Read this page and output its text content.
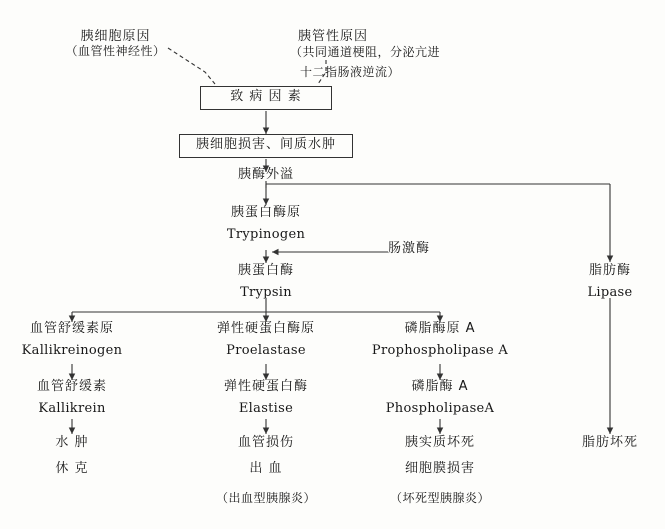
胰细胞原因
（血管性神经性）
胰管性原因
（共同通道梗阻，分泌亢进
十二指肠液逆流）
致 病 因 素
胰细胞损害、间质水肿
胰酶外溢
胰蛋白酶原
Trypinogen
肠激酶
胰蛋白酶
Trypsin
脂肪酶
Lipase
血管舒缓素原
Kallikreinogen
血管舒缓素
Kallikrein
水 肿
休 克
弹性硬蛋白酶原
Proelastase
弹性硬蛋白酶
Elastise
血管损伤
出 血
（出血型胰腺炎）
磷脂酶原 A
Prophospholipase A
磷脂酶 A
PhospholipaseA
胰实质坏死
细胞膜损害
（坏死型胰腺炎）
脂肪坏死
